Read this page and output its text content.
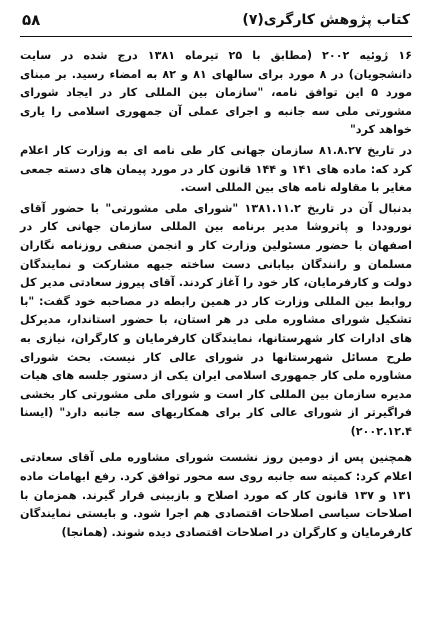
کتاب پژوهش کارگری(۷)
۵۸

۱۶ ژوئیه ۲۰۰۲ (مطابق با ۲۵ تیرماه ۱۳۸۱ درج شده در سایت دانشجویان) در ۸ مورد برای سالهای ۸۱ و ۸۲ به امضاء رسید. بر مبنای مورد ۵ این توافق نامه، "سازمان بین المللی کار در ایجاد شورای مشورتی ملی سه جانبه و اجرای عملی آن جمهوری اسلامی را یاری خواهد کرد"

در تاریخ ۸۱.۸.۲۷ سازمان جهانی کار طی نامه ای به وزارت کار اعلام کرد که: ماده های ۱۴۱ و ۱۴۴ قانون کار در مورد پیمان های دسته جمعی مغایر با مقاوله نامه های بین المللی است.

بدنبال آن در تاریخ ۱۳۸۱.۱۱.۲ "شورای ملی مشورتی" با حضور آقای نوروددا و پاتروشا مدیر برنامه بین المللی سازمان جهانی کار در اصفهان با حضور مسئولین وزارت کار و انجمن صنفی روزنامه نگاران مسلمان و رانندگان بیابانی دست ساخته جبهه مشارکت و نمایندگان دولت و کارفرمایان، کار خود را آغاز کردند. آقای پیروز سعادتی مدیر کل روابط بین المللی وزارت کار در همین رابطه در مصاحبه خود گفت: "با تشکیل شورای مشاوره ملی در هر استان، با حضور استاندار، مدیرکل های ادارات کار شهرستانها، نمایندگان کارفرمایان و کارگران، نیازی به طرح مسائل شهرستانها در شورای عالی کار نیست. بحث شورای مشاوره ملی کار جمهوری اسلامی ایران یکی از دستور جلسه های هیات مدیره سازمان بین المللی کار است و شورای ملی مشورتی کار بخشی فراگیرتر از شورای عالی کار برای همکاریهای سه جانبه دارد" (ایسنا ۲۰۰۲.۱۲.۴)

همچنین پس از دومین روز نشست شورای مشاوره ملی آقای سعادتی اعلام کرد: کمیته سه جانبه روی سه محور توافق کرد. رفع ابهامات ماده ۱۳۱ و ۱۳۷ قانون کار که مورد اصلاح و بازبینی قرار گیرند. همزمان با اصلاحات سیاسی اصلاحات اقتصادی هم اجرا شود. و بایستی نمایندگان کارفرمایان و کارگران در اصلاحات اقتصادی دیده شوند. (همانجا)
